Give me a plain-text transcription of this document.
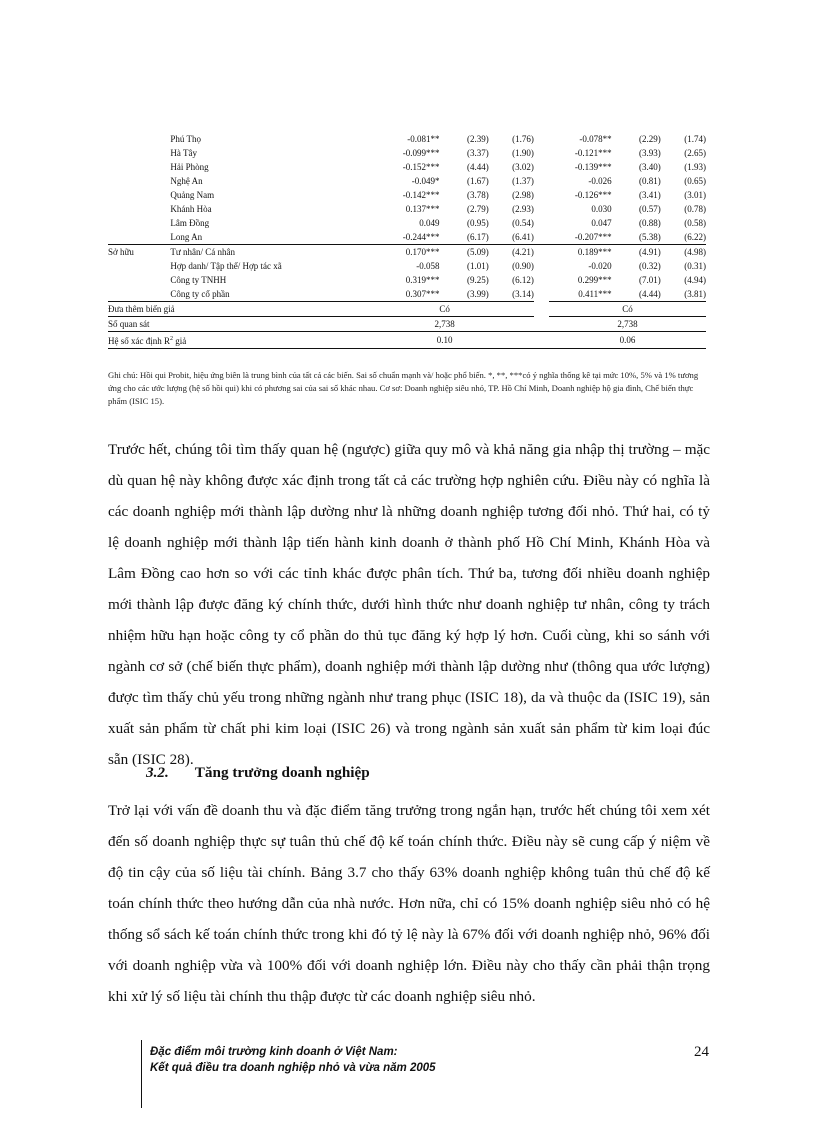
	Phú Thọ	-0.081**	(2.39)	(1.76)		-0.078**	(2.29)	(1.74)
	Hà Tây	-0.099***	(3.37)	(1.90)		-0.121***	(3.93)	(2.65)
	Hải Phòng	-0.152***	(4.44)	(3.02)		-0.139***	(3.40)	(1.93)
	Nghệ An	-0.049*	(1.67)	(1.37)		-0.026	(0.81)	(0.65)
	Quảng Nam	-0.142***	(3.78)	(2.98)		-0.126***	(3.41)	(3.01)
	Khánh Hòa	0.137***	(2.79)	(2.93)		0.030	(0.57)	(0.78)
	Lâm Đồng	0.049	(0.95)	(0.54)		0.047	(0.88)	(0.58)
	Long An	-0.244***	(6.17)	(6.41)		-0.207***	(5.38)	(6.22)
Sở hữu	Tư nhân/ Cá nhân	0.170***	(5.09)	(4.21)		0.189***	(4.91)	(4.98)
	Hợp danh/ Tập thể/ Hợp tác xã	-0.058	(1.01)	(0.90)		-0.020	(0.32)	(0.31)
	Công ty TNHH	0.319***	(9.25)	(6.12)		0.299***	(7.01)	(4.94)
	Công ty cổ phần	0.307***	(3.99)	(3.14)		0.411***	(4.44)	(3.81)
Đưa thêm biến giả		Có				Có		
Số quan sát		2,738				2,738		
Hệ số xác định $R^2$ giả		0.10				0.06		
Ghi chú: Hồi qui Probit, hiệu ứng biên là trung bình của tất cả các biến. Sai số chuẩn mạnh và/ hoặc phổ biến. *, **, ***có ý nghĩa thống kê tại mức 10%, 5% và 1% tương ứng cho các ước lượng (hệ số hồi qui) khi có phương sai của sai số khác nhau. Cơ sơ: Doanh nghiệp siêu nhỏ, TP. Hồ Chí Minh, Doanh nghiệp hộ gia đình, Chế biến thực phẩm (ISIC 15).

Trước hết, chúng tôi tìm thấy quan hệ (ngược) giữa quy mô và khả năng gia nhập thị trường – mặc dù quan hệ này không được xác định trong tất cả các trường hợp nghiên cứu. Điều này có nghĩa là các doanh nghiệp mới thành lập dường như là những doanh nghiệp tương đối nhỏ. Thứ hai, có tỷ lệ doanh nghiệp mới thành lập tiến hành kinh doanh ở thành phố Hồ Chí Minh, Khánh Hòa và Lâm Đồng cao hơn so với các tỉnh khác được phân tích. Thứ ba, tương đối nhiều doanh nghiệp mới thành lập được đăng ký chính thức, dưới hình thức như doanh nghiệp tư nhân, công ty trách nhiệm hữu hạn hoặc công ty cổ phần do thủ tục đăng ký hợp lý hơn. Cuối cùng, khi so sánh với ngành cơ sở (chế biến thực phẩm), doanh nghiệp mới thành lập dường như (thông qua ước lượng) được tìm thấy chủ yếu trong những ngành như trang phục (ISIC 18), da và thuộc da (ISIC 19), sản xuất sản phẩm từ chất phi kim loại (ISIC 26) và trong ngành sản xuất sản phẩm từ kim loại đúc sẵn (ISIC 28).

3.2. Tăng trưởng doanh nghiệp

Trở lại với vấn đề doanh thu và đặc điểm tăng trưởng trong ngắn hạn, trước hết chúng tôi xem xét đến số doanh nghiệp thực sự tuân thủ chế độ kế toán chính thức. Điều này sẽ cung cấp ý niệm về độ tin cậy của số liệu tài chính. Bảng 3.7 cho thấy 63% doanh nghiệp không tuân thủ chế độ kế toán chính thức theo hướng dẫn của nhà nước. Hơn nữa, chỉ có 15% doanh nghiệp siêu nhỏ có hệ thống sổ sách kế toán chính thức trong khi đó tỷ lệ này là 67% đối với doanh nghiệp nhỏ, 96% đối với doanh nghiệp vừa và 100% đối với doanh nghiệp lớn. Điều này cho thấy cần phải thận trọng khi xử lý số liệu tài chính thu thập được từ các doanh nghiệp siêu nhỏ.

Đặc điểm môi trường kinh doanh ở Việt Nam:
Kết quả điều tra doanh nghiệp nhỏ và vừa năm 2005
24
